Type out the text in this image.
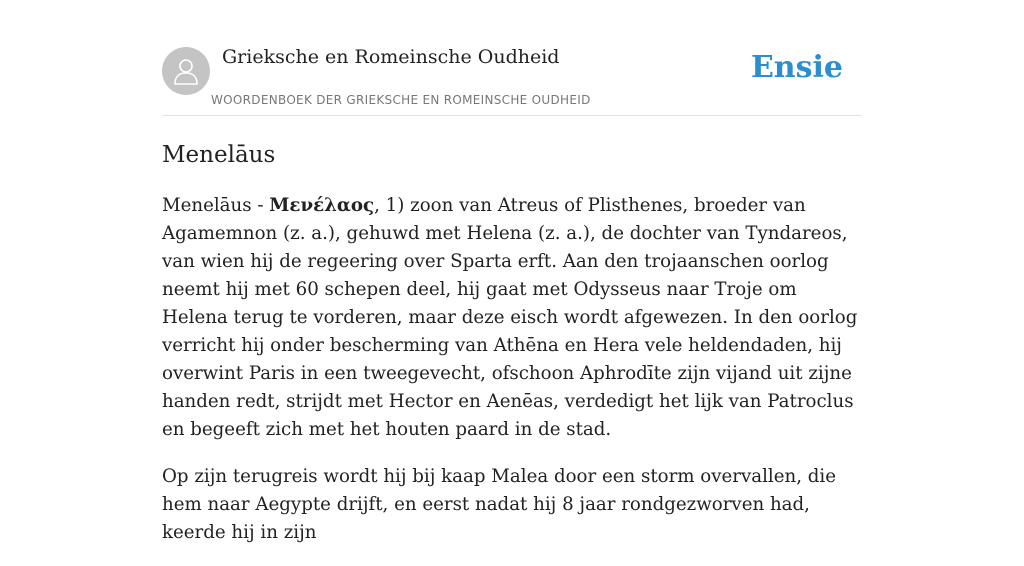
Grieksche en Romeinsche Oudheid
WOORDENBOEK DER GRIEKSCHE EN ROMEINSCHE OUDHEID
Ensie
Menelāus

Menelāus - Μενέλαος, 1) zoon van Atreus of Plisthenes, broeder van Agamemnon (z. a.), gehuwd met Helena (z. a.), de dochter van Tyndareos, van wien hij de regeering over Sparta erft. Aan den trojaanschen oorlog neemt hij met 60 schepen deel, hij gaat met Odysseus naar Troje om Helena terug te vorderen, maar deze eisch wordt afgewezen. In den oorlog verricht hij onder bescherming van Athēna en Hera vele heldendaden, hij overwint Paris in een tweegevecht, ofschoon Aphrodīte zijn vijand uit zijne handen redt, strijdt met Hector en Aenēas, verdedigt het lijk van Patroclus en begeeft zich met het houten paard in de stad.

Op zijn terugreis wordt hij bij kaap Malea door een storm overvallen, die hem naar Aegypte drijft, en eerst nadat hij 8 jaar rondgezworven had, keerde hij in zijn
